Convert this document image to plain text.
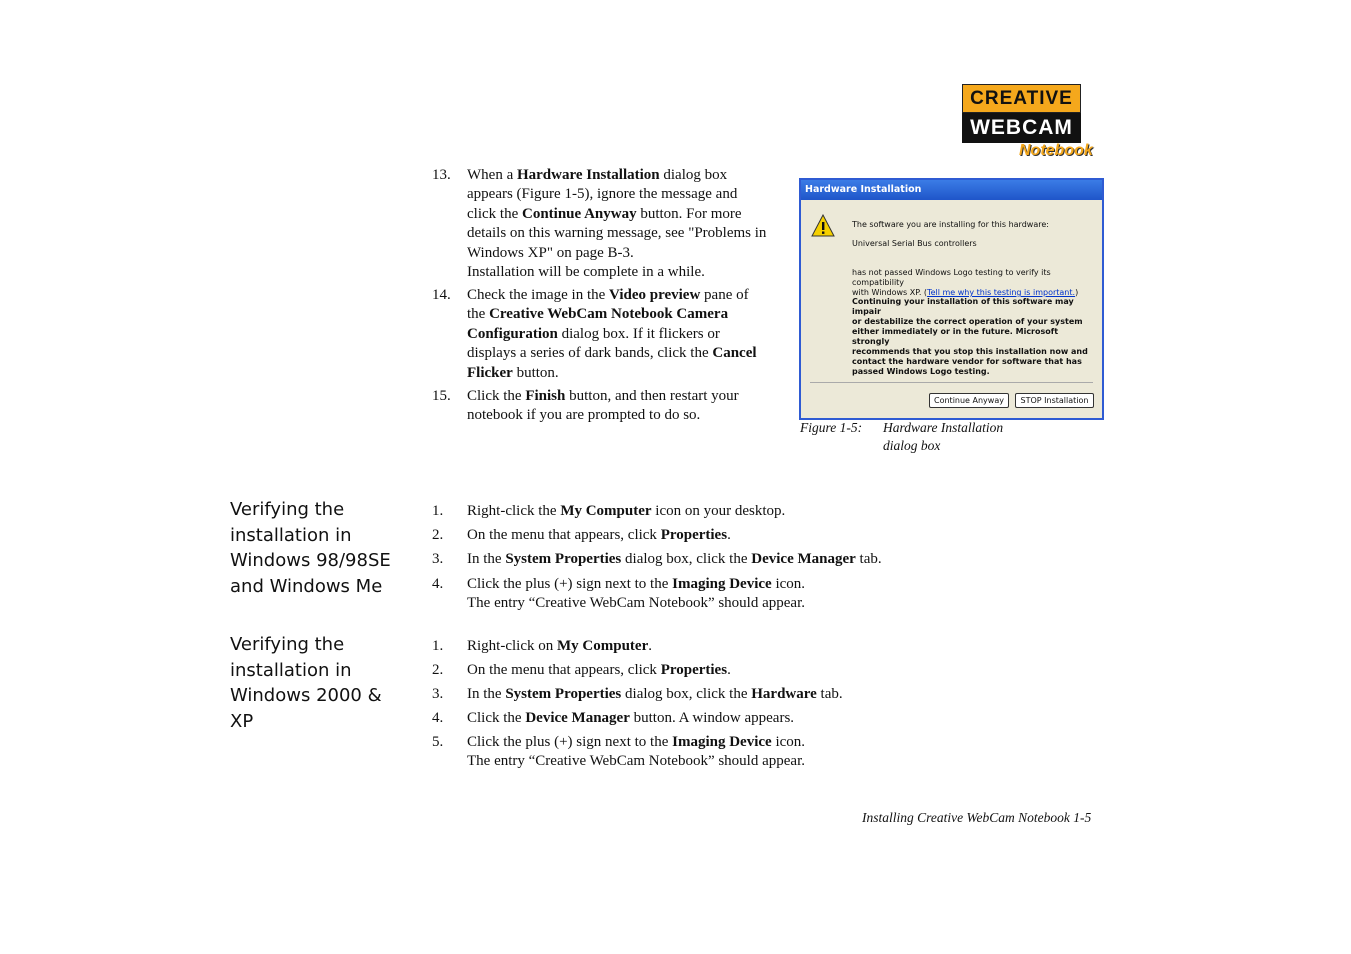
CREATIVE
WEBCAM
Notebook
13.	When a Hardware Installation dialog box
appears (Figure 1-5), ignore the message and
click the Continue Anyway button. For more
details on this warning message, see "Problems in
Windows XP" on page B-3.
Installation will be complete in a while.
14.	Check the image in the Video preview pane of
the Creative WebCam Notebook Camera
Configuration dialog box. If it flickers or
displays a series of dark bands, click the Cancel
Flicker button.
15.	Click the Finish button, and then restart your
notebook if you are prompted to do so.
Hardware Installation
The software you are installing for this hardware:
Universal Serial Bus controllers
has not passed Windows Logo testing to verify its compatibility
with Windows XP. (Tell me why this testing is important.)
Continuing your installation of this software may impair
or destabilize the correct operation of your system
either immediately or in the future. Microsoft strongly
recommends that you stop this installation now and
contact the hardware vendor for software that has
passed Windows Logo testing.
Continue Anyway	STOP Installation
Figure 1-5: Hardware Installation
dialog box
Verifying the
installation in
Windows 98/98SE
and Windows Me
1.	Right-click the My Computer icon on your desktop.
2.	On the menu that appears, click Properties.
3.	In the System Properties dialog box, click the Device Manager tab.
4.	Click the plus (+) sign next to the Imaging Device icon.
The entry “Creative WebCam Notebook” should appear.
Verifying the
installation in
Windows 2000 &
XP
1.	Right-click on My Computer.
2.	On the menu that appears, click Properties.
3.	In the System Properties dialog box, click the Hardware tab.
4.	Click the Device Manager button. A window appears.
5.	Click the plus (+) sign next to the Imaging Device icon.
The entry “Creative WebCam Notebook” should appear.
Installing Creative WebCam Notebook 1-5
